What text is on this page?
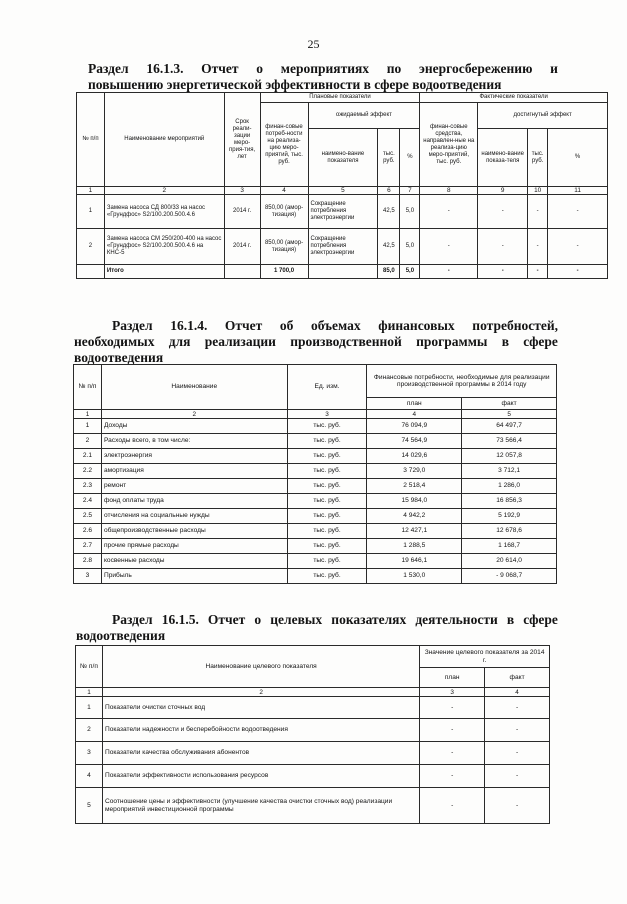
25
Раздел 16.1.3. Отчет о мероприятиях по энергосбережению и
повышению энергетической эффективности в сфере водоотведения
№ п/п	Наименование мероприятий	Срок реали-зации меро-прия-тия, лет	Плановые показатели				Фактические показатели			
			финан-совые потреб-ности на реализа-цию меро-приятий, тыс. руб.	ожидаемый эффект			финан-совые средства, направлен-ные на реализа-цию меро-приятий, тыс. руб.	достигнутый эффект		
				наимено-вание показателя	тыс. руб.	%		наимено-вание показа-теля	тыс. руб.	%
1	2	3	4	5	6	7	8	9	10	11
1	Замена насоса СД 800/33 на насос «Грундфос» S2/100.200.500.4.6	2014 г.	850,00 (амор-тизация)	Сокращение потребления электроэнергии	42,5	5,0	-	-	-	-
2	Замена насоса СМ 250/200-400 на насос «Грундфос» S2/100.200.500.4.6 на КНС-5	2014 г.	850,00 (амор-тизация)	Сокращение потребления электроэнергии	42,5	5,0	-	-	-	-
	Итого		1 700,0		85,0	5,0	-	-	-	-
Раздел 16.1.4. Отчет об объемах финансовых потребностей,
необходимых для реализации производственной программы в сфере
водоотведения
№ п/п	Наименование	Ед. изм.	Финансовые потребности, необходимые для реализации производственной программы в 2014 году	
			план	факт
1	2	3	4	5
1	Доходы	тыс. руб.	76 094,9	64 497,7
2	Расходы всего, в том числе:	тыс. руб.	74 564,9	73 566,4
2.1	электроэнергия	тыс. руб.	14 029,6	12 057,8
2.2	амортизация	тыс. руб.	3 729,0	3 712,1
2.3	ремонт	тыс. руб.	2 518,4	1 286,0
2.4	фонд оплаты труда	тыс. руб.	15 984,0	16 856,3
2.5	отчисления на социальные нужды	тыс. руб.	4 942,2	5 192,9
2.6	общепроизводственные расходы	тыс. руб.	12 427,1	12 678,6
2.7	прочие прямые расходы	тыс. руб.	1 288,5	1 168,7
2.8	косвенные расходы	тыс. руб.	19 646,1	20 614,0
3	Прибыль	тыс. руб.	1 530,0	- 9 068,7
Раздел 16.1.5. Отчет о целевых показателях деятельности в сфере
водоотведения
№ п/п	Наименование целевого показателя	Значение целевого показателя за 2014 г.	
		план	факт
1	2	3	4
1	Показатели очистки сточных вод	-	-
2	Показатели надежности и бесперебойности водоотведения	-	-
3	Показатели качества обслуживания абонентов	-	-
4	Показатели эффективности использования ресурсов	-	-
5	Соотношение цены и эффективности (улучшение качества очистки сточных вод) реализации мероприятий инвестиционной программы	-	-
